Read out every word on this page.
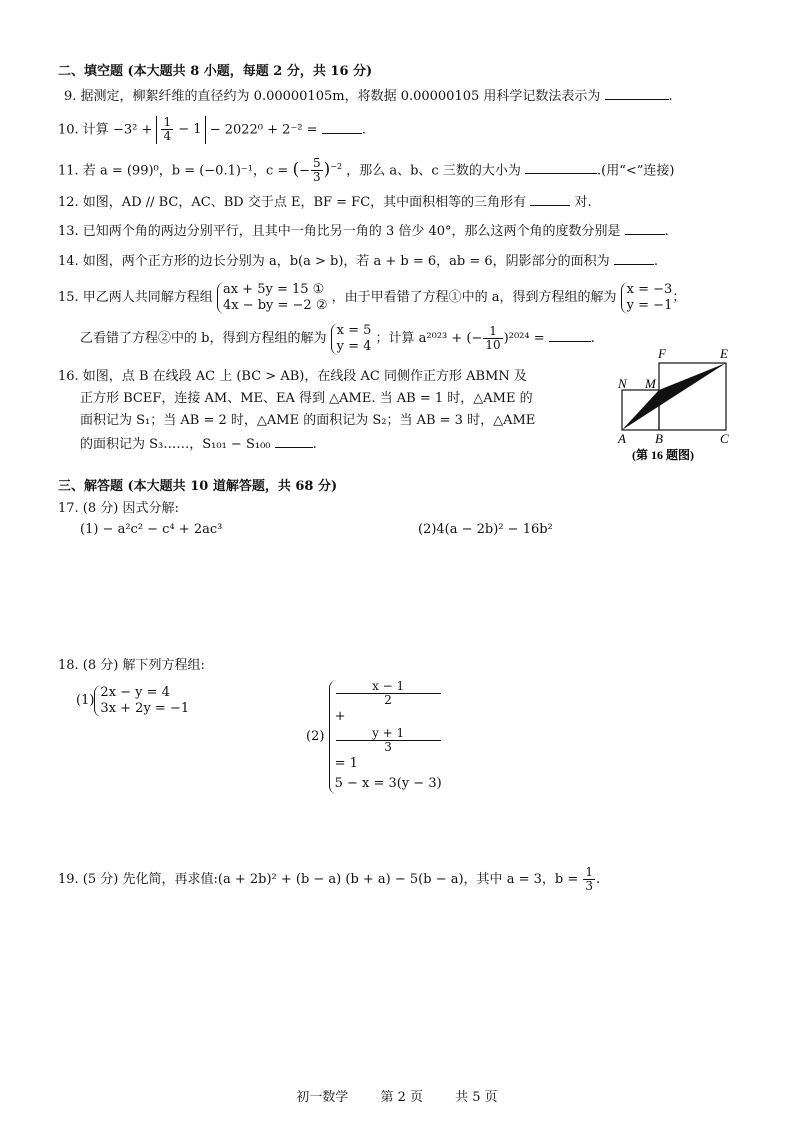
二、填空题 (本大题共 8 小题，每题 2 分，共 16 分)
9. 据测定，柳絮纤维的直径约为 0.00000105m，将数据 0.00000105 用科学记数法表示为	.
10. 计算 $-3^2 + \frac{1}{4} - 1 - 2022^0 + 2^{-2}$ =	.
11. 若 a = (99)⁰，b = (−0.1)⁻¹，c = (− $\frac{5}{3} )^{-2}$ ，那么 a、b、c 三数的大小为	.(用“<”连接)
12. 如图，AD // BC，AC、BD 交于点 E，BF = FC，其中面积相等的三角形有	对.
13. 已知两个角的两边分别平行，且其中一角比另一角的 3 倍少 40°，那么这两个角的度数分别是	.
14. 如图，两个正方形的边长分别为 a，b(a > b)，若 a + b = 6，ab = 6，阴影部分的面积为	.
15. 甲乙两人共同解方程组
ax + 5y = 15 ①
4x − by = −2 ② ，由于甲看错了方程①中的 a，得到方程组的解为
x = −3
y = −1 ；
乙看错了方程②中的 b，得到方程组的解为
x = 5
y = 4 ；计算 a²⁰²³ + (− $\frac{1}{10} )^{2024}$ =	.
16. 如图，点 B 在线段 AC 上 (BC > AB)，在线段 AC 同侧作正方形 ABMN 及
正方形 BCEF，连接 AM、ME、EA 得到 △AME. 当 AB = 1 时，△AME 的
面积记为 S₁；当 AB = 2 时，△AME 的面积记为 S₂；当 AB = 3 时，△AME
的面积记为 S₃……，S₁₀₁ − S₁₀₀	.
F	E
N M
A B	C
(第 16 题图)
三、解答题 (本大题共 10 道解答题，共 68 分)
17. (8 分) 因式分解:
(1) − a²c² − c⁴ + 2ac³	(2)4(a − 2b)² − 16b²
18. (8 分) 解下列方程组:
(1)
2x − y = 4
3x + 2y = −1
(2)
x − 1
2
+
y + 1
3
= 1
5 − x = 3(y − 3)
19. (5 分) 先化简，再求值:(a + 2b)² + (b − a) (b + a) − 5(b − a)，其中 a = 3，$b = \frac{1}{3}$ .
初一数学 第 2 页 共 5 页
